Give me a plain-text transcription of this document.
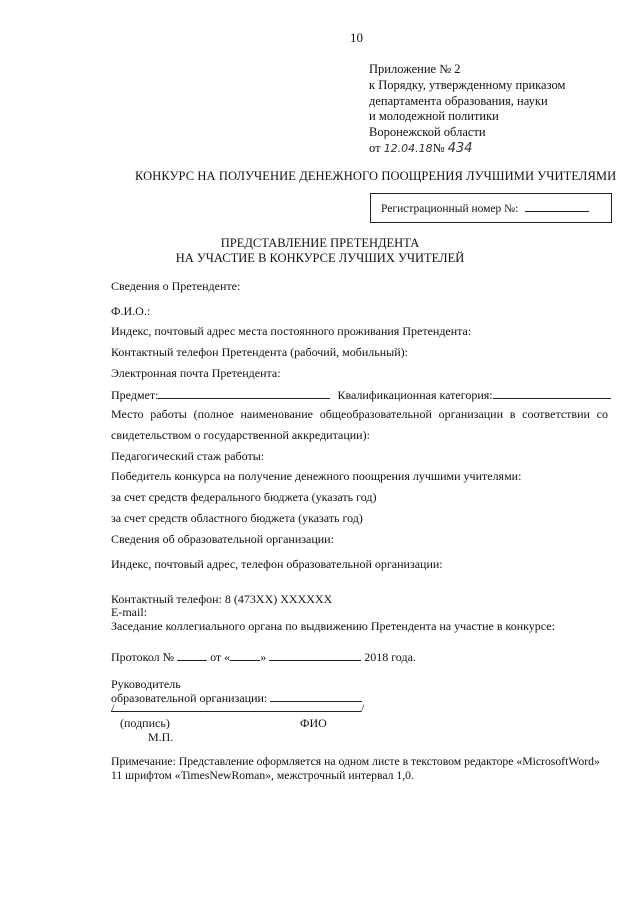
10
Приложение № 2
к Порядку, утвержденному приказом
департамента образования, науки
и молодежной политики
Воронежской области
от 12.04.18№ 434
КОНКУРС НА ПОЛУЧЕНИЕ ДЕНЕЖНОГО ПООЩРЕНИЯ ЛУЧШИМИ УЧИТЕЛЯМИ
Регистрационный номер №:
ПРЕДСТАВЛЕНИЕ ПРЕТЕНДЕНТА
НА УЧАСТИЕ В КОНКУРСЕ ЛУЧШИХ УЧИТЕЛЕЙ
Сведения о Претенденте:
Ф.И.О.:
Индекс, почтовый адрес места постоянного проживания Претендента:
Контактный телефон Претендента (рабочий, мобильный):
Электронная почта Претендента:
Предмет:	Квалификационная категория:
Место работы (полное наименование общеобразовательной организации в соответствии со
свидетельством о государственной аккредитации):
Педагогический стаж работы:
Победитель конкурса на получение денежного поощрения лучшими учителями:
за счет средств федерального бюджета (указать год)
за счет средств областного бюджета (указать год)
Сведения об образовательной организации:
Индекс, почтовый адрес, телефон образовательной организации:
Контактный телефон: 8 (473ХХ) ХХХХХХ
E-mail:
Заседание коллегиального органа по выдвижению Претендента на участие в конкурсе:
Протокол №	от «	»	2018 года.
Руководитель
образовательной организации:
/	/
(подпись)	ФИО
М.П.
Примечание: Представление оформляется на одном листе в текстовом редакторе «MicrosoftWord»
11 шрифтом «TimesNewRoman», межстрочный интервал 1,0.
